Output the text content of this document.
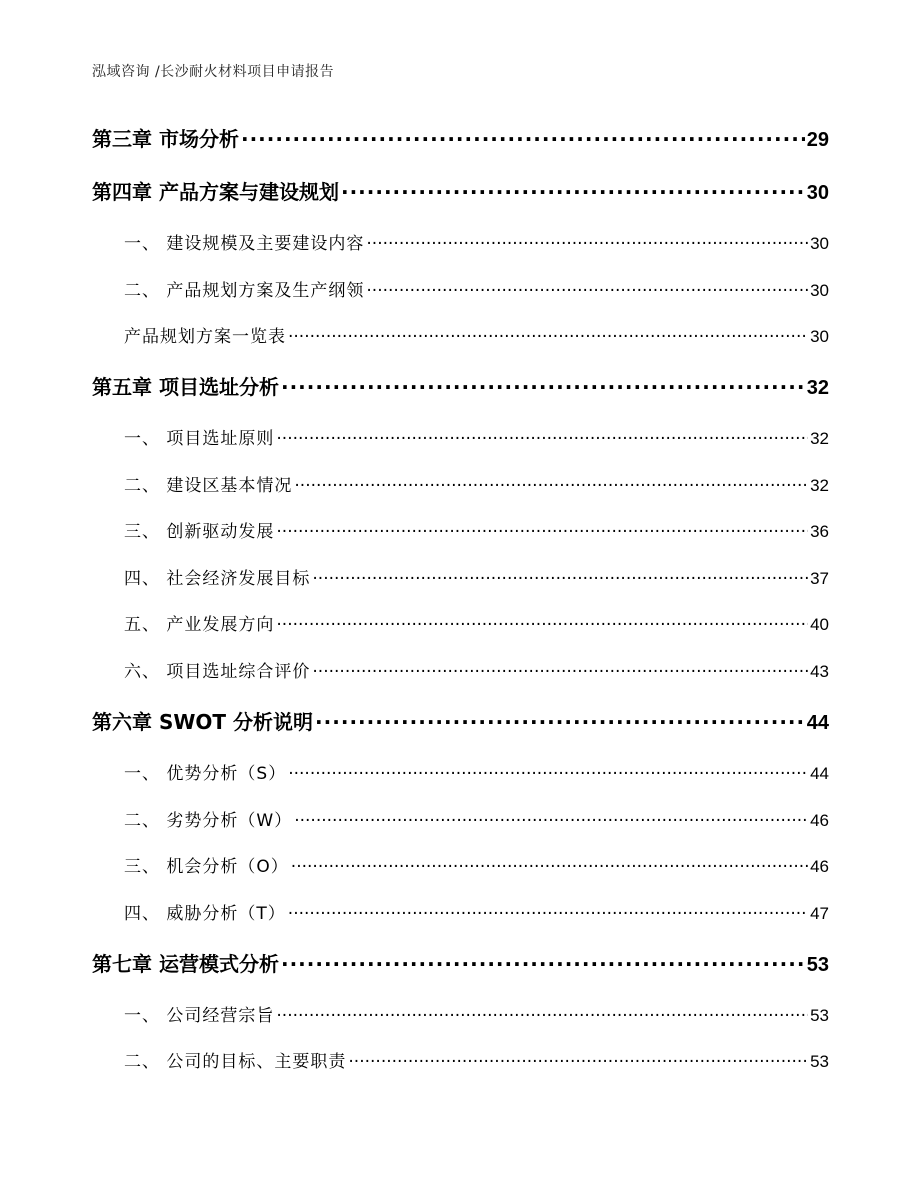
泓域咨询 /长沙耐火材料项目申请报告
第三章 市场分析 .....	29
第四章 产品方案与建设规划 .....	30
一、 建设规模及主要建设内容 .....	30
二、 产品规划方案及生产纲领 .....	30
产品规划方案一览表 .....	30
第五章 项目选址分析 .....	32
一、 项目选址原则 .....	32
二、 建设区基本情况 .....	32
三、 创新驱动发展 .....	36
四、 社会经济发展目标 .....	37
五、 产业发展方向 .....	40
六、 项目选址综合评价 .....	43
第六章 SWOT 分析说明 .....	44
一、 优势分析（S） .....	44
二、 劣势分析（W） .....	46
三、 机会分析（O） .....	46
四、 威胁分析（T） .....	47
第七章 运营模式分析 .....	53
一、 公司经营宗旨 .....	53
二、 公司的目标、主要职责 .....	53
